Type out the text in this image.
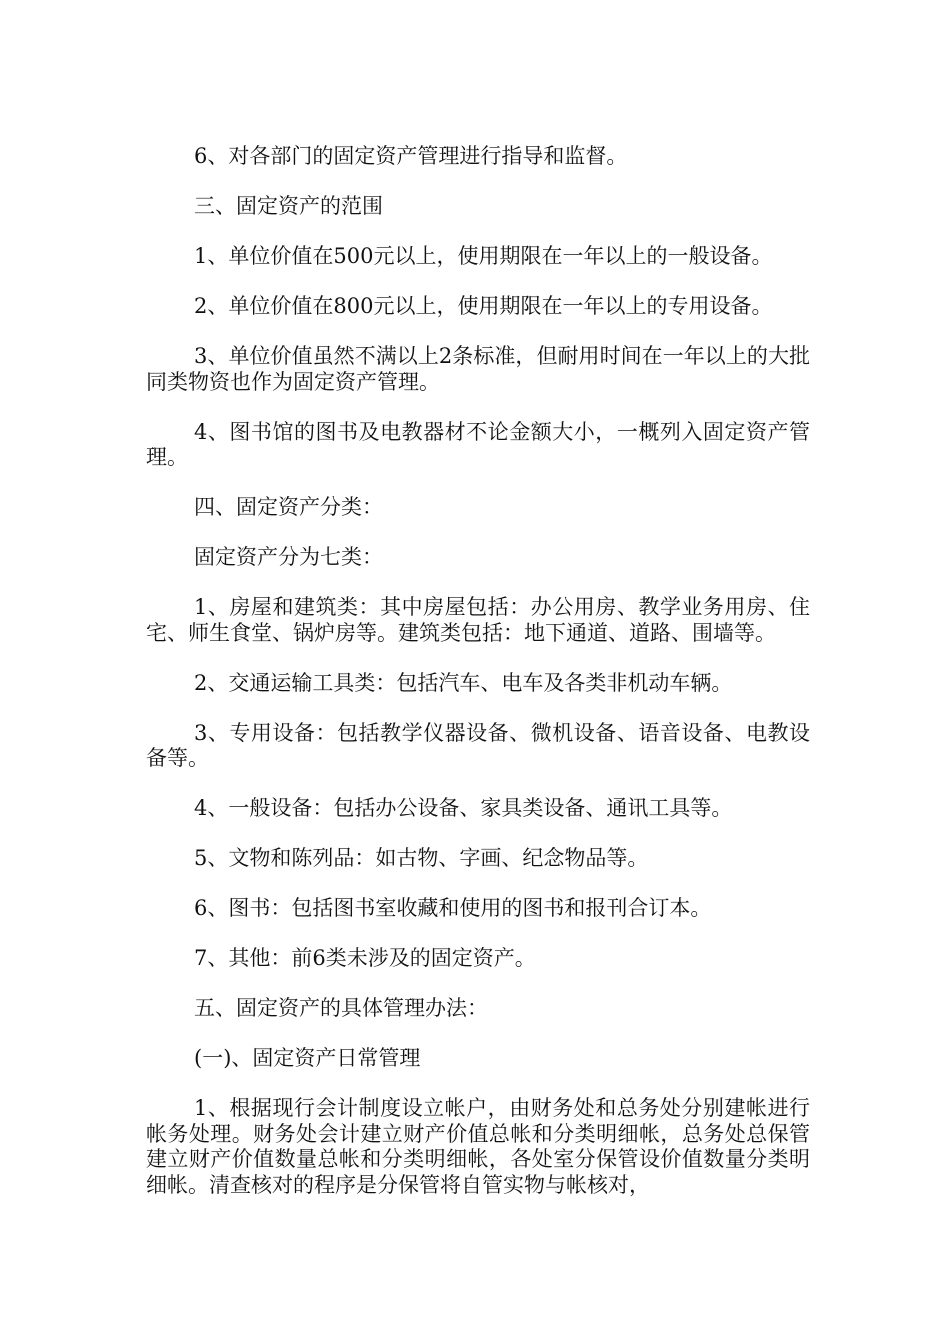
6、对各部门的固定资产管理进行指导和监督。

三、固定资产的范围

1、单位价值在500元以上，使用期限在一年以上的一般设备。

2、单位价值在800元以上，使用期限在一年以上的专用设备。

3、单位价值虽然不满以上2条标准，但耐用时间在一年以上的大批同类物资也作为固定资产管理。

4、图书馆的图书及电教器材不论金额大小，一概列入固定资产管理。

四、固定资产分类：

固定资产分为七类：

1、房屋和建筑类：其中房屋包括：办公用房、教学业务用房、住宅、师生食堂、锅炉房等。建筑类包括：地下通道、道路、围墙等。

2、交通运输工具类：包括汽车、电车及各类非机动车辆。

3、专用设备：包括教学仪器设备、微机设备、语音设备、电教设备等。

4、一般设备：包括办公设备、家具类设备、通讯工具等。

5、文物和陈列品：如古物、字画、纪念物品等。

6、图书：包括图书室收藏和使用的图书和报刊合订本。

7、其他：前6类未涉及的固定资产。

五、固定资产的具体管理办法：

(一)、固定资产日常管理

1、根据现行会计制度设立帐户，由财务处和总务处分别建帐进行帐务处理。财务处会计建立财产价值总帐和分类明细帐，总务处总保管建立财产价值数量总帐和分类明细帐，各处室分保管设价值数量分类明细帐。清查核对的程序是分保管将自管实物与帐核对，
